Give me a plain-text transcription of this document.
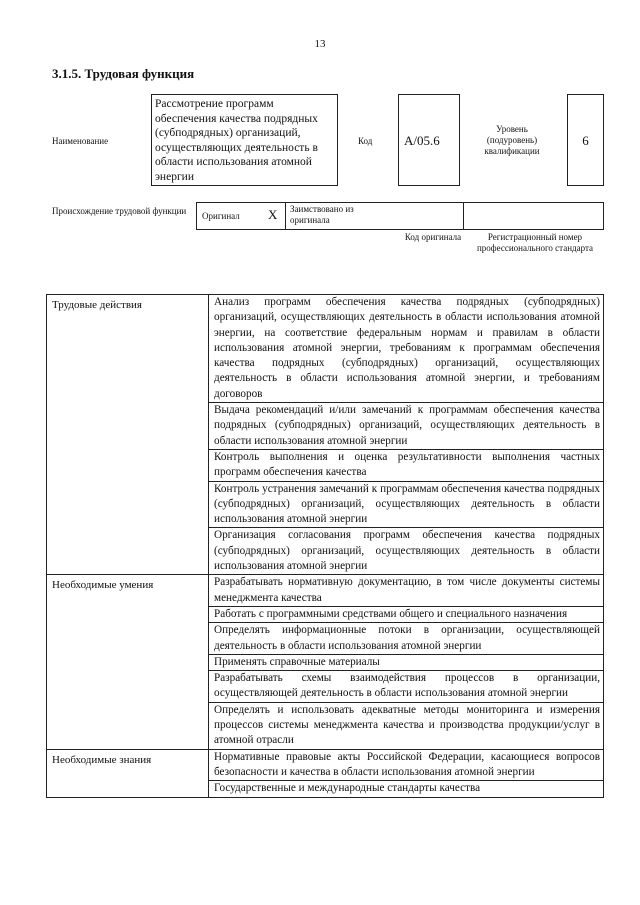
13
3.1.5. Трудовая функция
Наименование
Рассмотрение программ обеспечения качества подрядных (субподрядных) организаций, осуществляющих деятельность в области использования атомной энергии
Код	A/05.6
Уровень (подуровень) квалификации
6
Происхождение трудовой функции	Оригинал X Заимствовано из оригинала
Код оригинала	Регистрационный номер профессионального стандарта
Трудовые действия	Анализ программ обеспечения качества подрядных (субподрядных) организаций, осуществляющих деятельность в области использования атомной энергии, на соответствие федеральным нормам и правилам в области использования атомной энергии, требованиям к программам обеспечения качества подрядных (субподрядных) организаций, осуществляющих деятельность в области использования атомной энергии, и требованиям договоров
	Выдача рекомендаций и/или замечаний к программам обеспечения качества подрядных (субподрядных) организаций, осуществляющих деятельность в области использования атомной энергии
	Контроль выполнения и оценка результативности выполнения частных программ обеспечения качества
	Контроль устранения замечаний к программам обеспечения качества подрядных (субподрядных) организаций, осуществляющих деятельность в области использования атомной энергии
	Организация согласования программ обеспечения качества подрядных (субподрядных) организаций, осуществляющих деятельность в области использования атомной энергии
Необходимые умения	Разрабатывать нормативную документацию, в том числе документы системы менеджмента качества
	Работать с программными средствами общего и специального назначения
	Определять информационные потоки в организации, осуществляющей деятельность в области использования атомной энергии
	Применять справочные материалы
	Разрабатывать схемы взаимодействия процессов в организации, осуществляющей деятельность в области использования атомной энергии
	Определять и использовать адекватные методы мониторинга и измерения процессов системы менеджмента качества и производства продукции/услуг в атомной отрасли
Необходимые знания	Нормативные правовые акты Российской Федерации, касающиеся вопросов безопасности и качества в области использования атомной энергии
	Государственные и международные стандарты качества
